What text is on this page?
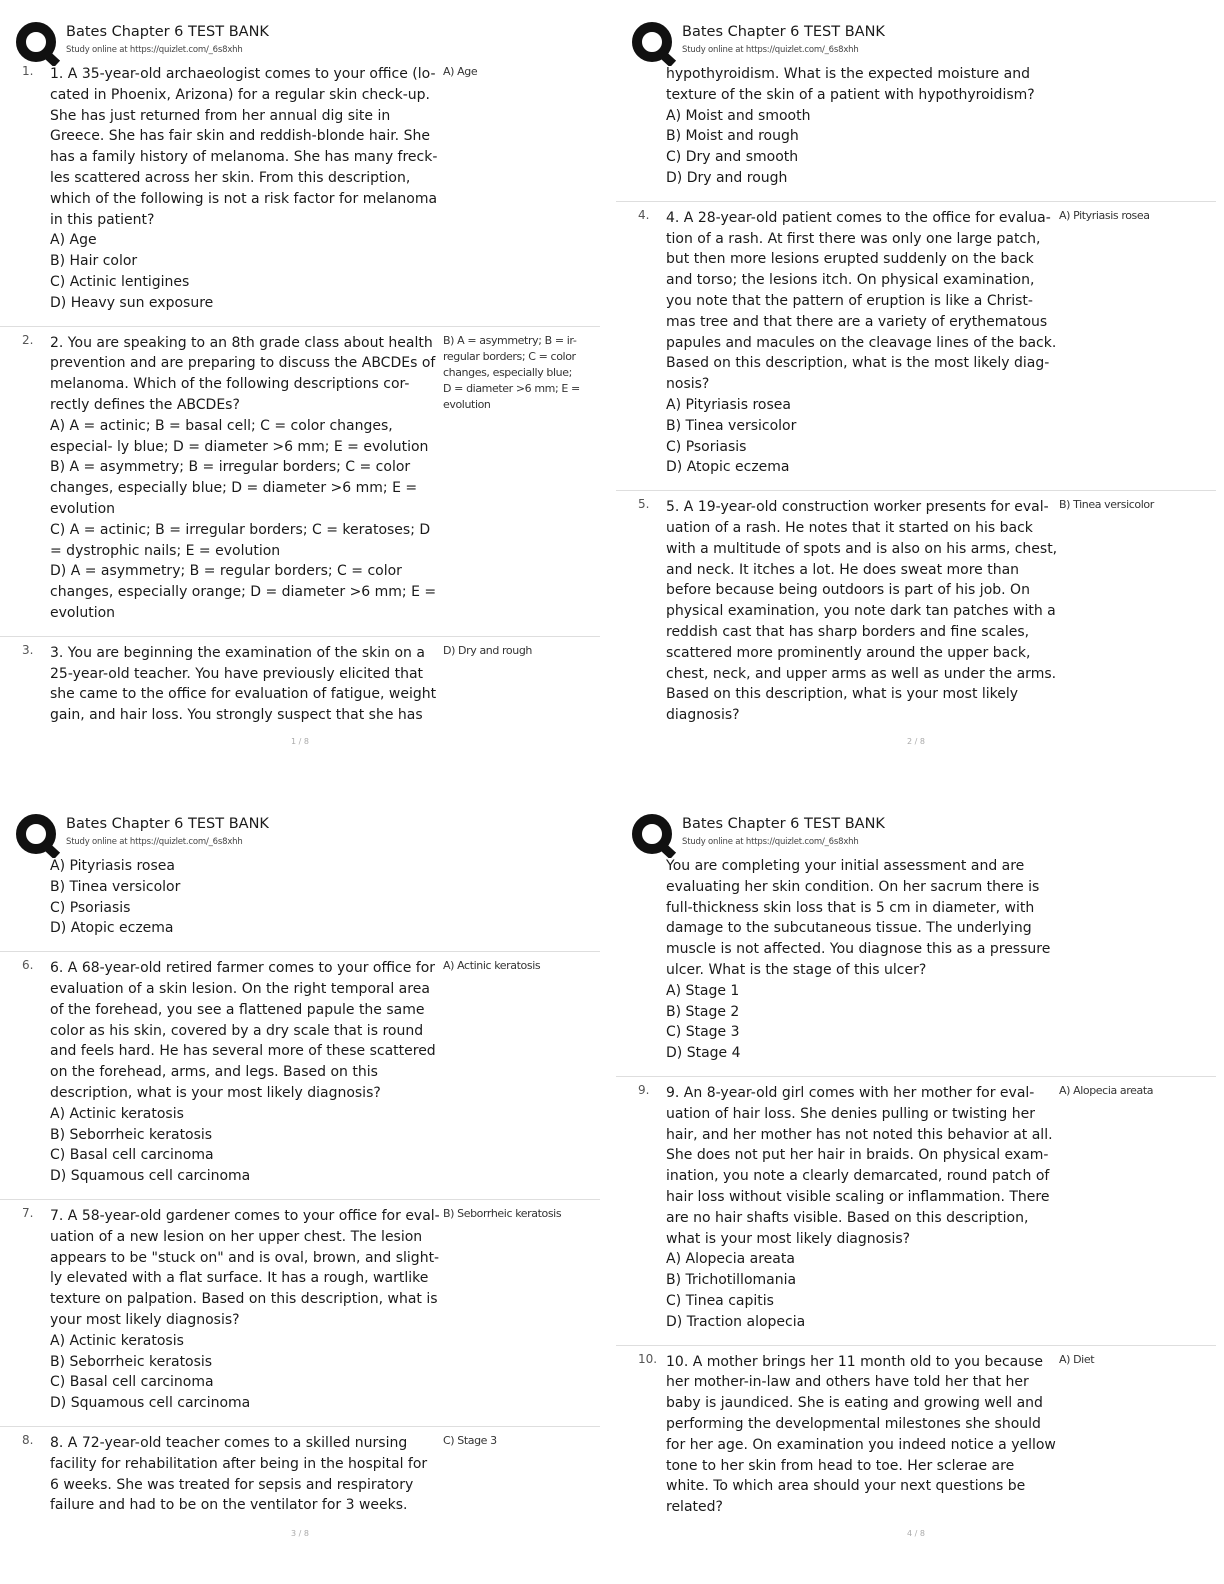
Bates Chapter 6 TEST BANK
Study online at https://quizlet.com/_6s8xhh
1. 1. A 35-year-old archaeologist comes to your office (lo- cated in Phoenix, Arizona) for a regular skin check-up. She has just returned from her annual dig site in Greece. She has fair skin and reddish-blonde hair. She has a family history of melanoma. She has many freck- les scattered across her skin. From this description, which of the following is not a risk factor for melanoma in this patient?
A) Age
B) Hair color
C) Actinic lentigines
D) Heavy sun exposure
A) Age
2. 2. You are speaking to an 8th grade class about health prevention and are preparing to discuss the ABCDEs of melanoma. Which of the following descriptions cor- rectly defines the ABCDEs?
A) A = actinic; B = basal cell; C = color changes, especial- ly blue; D = diameter >6 mm; E = evolution
B) A = asymmetry; B = irregular borders; C = color changes, especially blue; D = diameter >6 mm; E = evolution
C) A = actinic; B = irregular borders; C = keratoses; D = dystrophic nails; E = evolution
D) A = asymmetry; B = regular borders; C = color changes, especially orange; D = diameter >6 mm; E = evolution
B) A = asymmetry; B = ir- regular borders; C = color changes, especially blue; D = diameter >6 mm; E = evolution
3. 3. You are beginning the examination of the skin on a 25-year-old teacher. You have previously elicited that she came to the office for evaluation of fatigue, weight gain, and hair loss. You strongly suspect that she has
D) Dry and rough
1 / 8
Bates Chapter 6 TEST BANK
Study online at https://quizlet.com/_6s8xhh
hypothyroidism. What is the expected moisture and texture of the skin of a patient with hypothyroidism?
A) Moist and smooth
B) Moist and rough
C) Dry and smooth
D) Dry and rough
4. 4. A 28-year-old patient comes to the office for evalua- tion of a rash. At first there was only one large patch, but then more lesions erupted suddenly on the back and torso; the lesions itch. On physical examination, you note that the pattern of eruption is like a Christ- mas tree and that there are a variety of erythematous papules and macules on the cleavage lines of the back. Based on this description, what is the most likely diag- nosis?
A) Pityriasis rosea
B) Tinea versicolor
C) Psoriasis
D) Atopic eczema
A) Pityriasis rosea
5. 5. A 19-year-old construction worker presents for eval- uation of a rash. He notes that it started on his back with a multitude of spots and is also on his arms, chest, and neck. It itches a lot. He does sweat more than before because being outdoors is part of his job. On physical examination, you note dark tan patches with a reddish cast that has sharp borders and fine scales, scattered more prominently around the upper back, chest, neck, and upper arms as well as under the arms. Based on this description, what is your most likely diagnosis?
B) Tinea versicolor
2 / 8
Bates Chapter 6 TEST BANK
Study online at https://quizlet.com/_6s8xhh
A) Pityriasis rosea
B) Tinea versicolor
C) Psoriasis
D) Atopic eczema
6. 6. A 68-year-old retired farmer comes to your office for evaluation of a skin lesion. On the right temporal area of the forehead, you see a flattened papule the same color as his skin, covered by a dry scale that is round and feels hard. He has several more of these scattered on the forehead, arms, and legs. Based on this description, what is your most likely diagnosis?
A) Actinic keratosis
B) Seborrheic keratosis
C) Basal cell carcinoma
D) Squamous cell carcinoma
A) Actinic keratosis
7. 7. A 58-year-old gardener comes to your office for eval- uation of a new lesion on her upper chest. The lesion appears to be "stuck on" and is oval, brown, and slight- ly elevated with a flat surface. It has a rough, wartlike texture on palpation. Based on this description, what is your most likely diagnosis?
A) Actinic keratosis
B) Seborrheic keratosis
C) Basal cell carcinoma
D) Squamous cell carcinoma
B) Seborrheic keratosis
8. 8. A 72-year-old teacher comes to a skilled nursing facility for rehabilitation after being in the hospital for 6 weeks. She was treated for sepsis and respiratory failure and had to be on the ventilator for 3 weeks.
C) Stage 3
3 / 8
Bates Chapter 6 TEST BANK
Study online at https://quizlet.com/_6s8xhh
You are completing your initial assessment and are evaluating her skin condition. On her sacrum there is full-thickness skin loss that is 5 cm in diameter, with damage to the subcutaneous tissue. The underlying muscle is not affected. You diagnose this as a pressure ulcer. What is the stage of this ulcer?
A) Stage 1
B) Stage 2
C) Stage 3
D) Stage 4
9. 9. An 8-year-old girl comes with her mother for eval- uation of hair loss. She denies pulling or twisting her hair, and her mother has not noted this behavior at all. She does not put her hair in braids. On physical exam- ination, you note a clearly demarcated, round patch of hair loss without visible scaling or inflammation. There are no hair shafts visible. Based on this description, what is your most likely diagnosis?
A) Alopecia areata
B) Trichotillomania
C) Tinea capitis
D) Traction alopecia
A) Alopecia areata
10. 10. A mother brings her 11 month old to you because her mother-in-law and others have told her that her baby is jaundiced. She is eating and growing well and performing the developmental milestones she should for her age. On examination you indeed notice a yellow tone to her skin from head to toe. Her sclerae are white. To which area should your next questions be related?
A) Diet
4 / 8
